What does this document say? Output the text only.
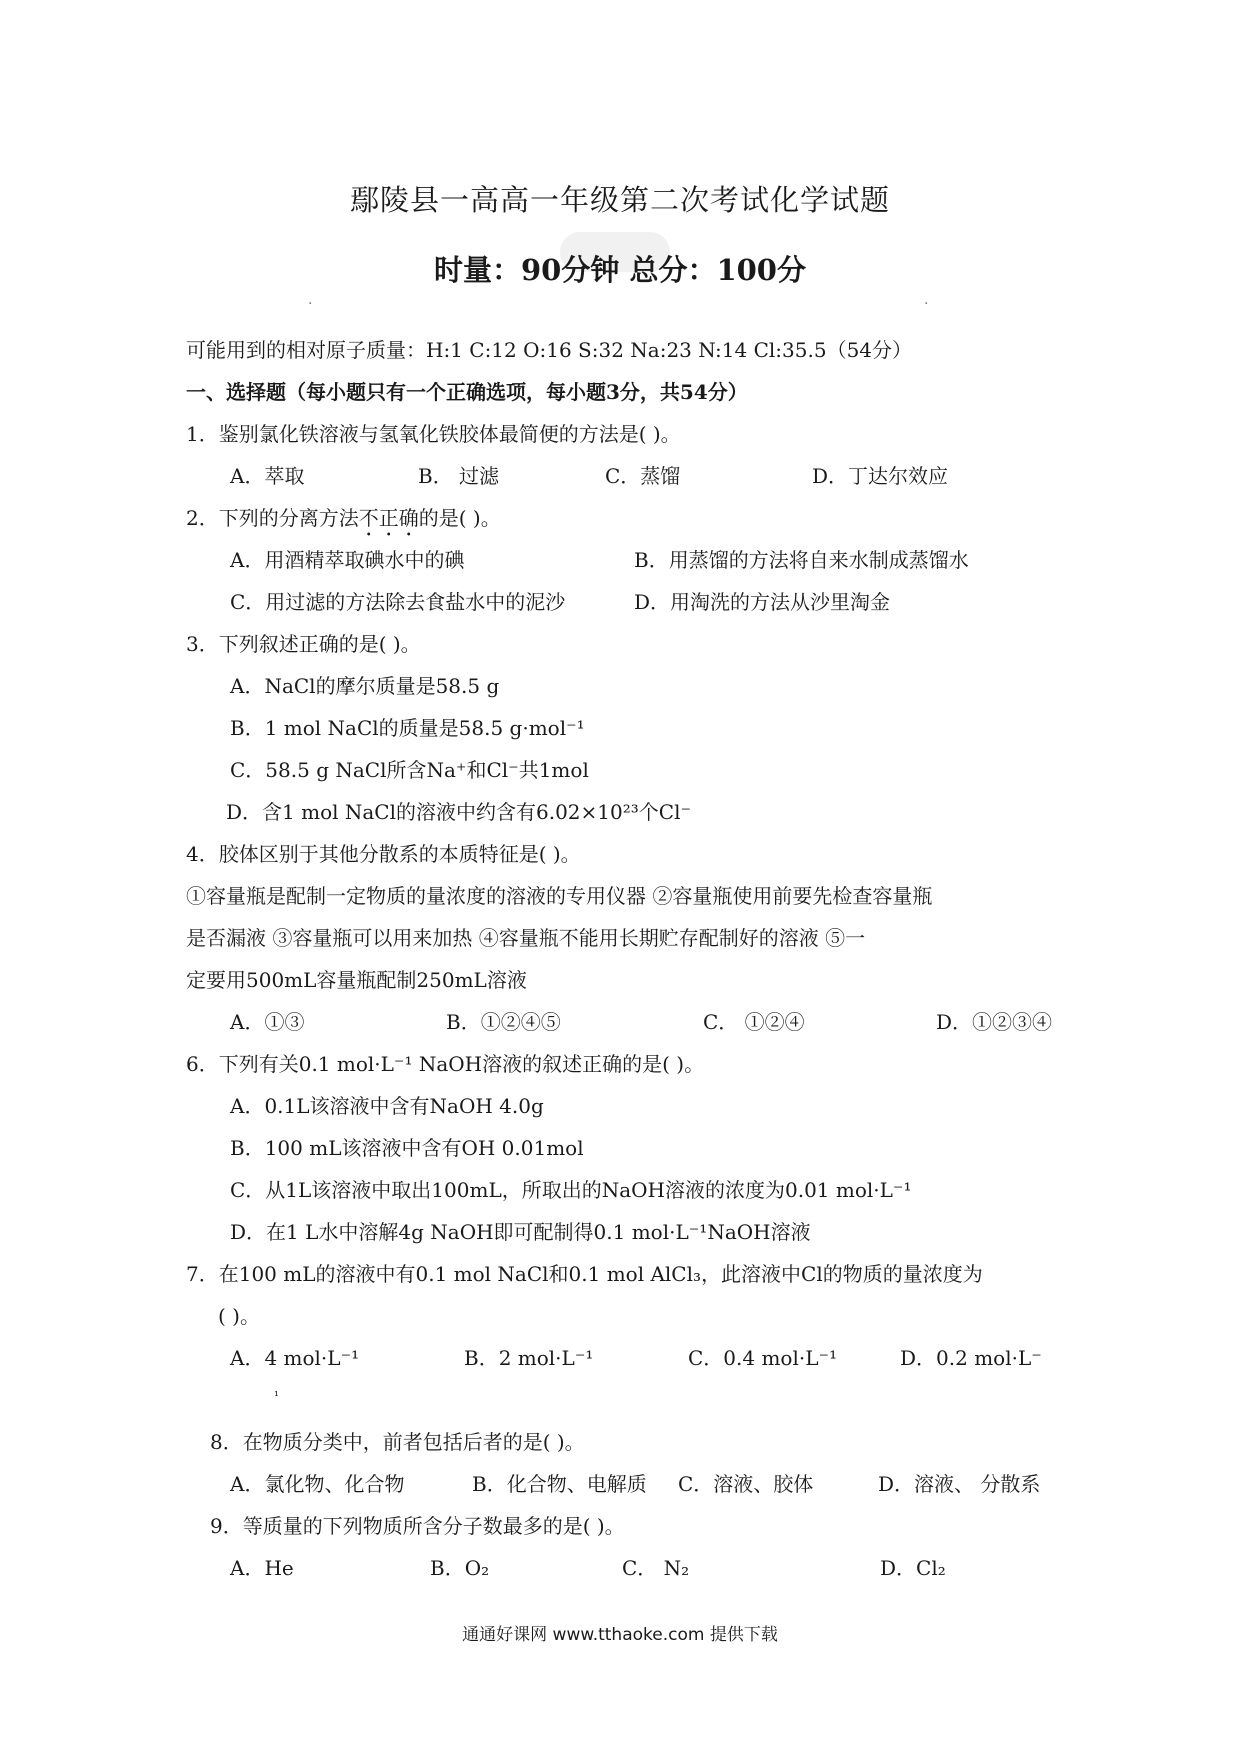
鄢陵县一高高一年级第二次考试化学试题
时量：90分钟 总分：100分
·	·
可能用到的相对原子质量：H:1 C:12 O:16 S:32 Na:23 N:14 Cl:35.5（54分）
一、选择题（每小题只有一个正确选项，每小题3分，共54分）
1．鉴别氯化铁溶液与氢氧化铁胶体最简便的方法是( )。
A．萃取	B． 过滤	C．蒸馏	D．丁达尔效应
2．下列的分离方法不正确的是( )。
A．用酒精萃取碘水中的碘	B．用蒸馏的方法将自来水制成蒸馏水
C．用过滤的方法除去食盐水中的泥沙	D．用淘洗的方法从沙里淘金
3．下列叙述正确的是( )。
A．NaCl的摩尔质量是58.5 g
B．1 mol NaCl的质量是58.5 g·mol⁻¹
C．58.5 g NaCl所含Na⁺和Cl⁻共1mol
D．含1 mol NaCl的溶液中约含有6.02×10²³个Cl⁻
4．胶体区别于其他分散系的本质特征是( )。
①容量瓶是配制一定物质的量浓度的溶液的专用仪器 ②容量瓶使用前要先检查容量瓶
是否漏液 ③容量瓶可以用来加热 ④容量瓶不能用长期贮存配制好的溶液 ⑤一
定要用500mL容量瓶配制250mL溶液
A．①③	B．①②④⑤	C． ①②④	D．①②③④
6．下列有关0.1 mol·L⁻¹ NaOH溶液的叙述正确的是( )。
A．0.1L该溶液中含有NaOH 4.0g
B．100 mL该溶液中含有OH 0.01mol
C．从1L该溶液中取出100mL，所取出的NaOH溶液的浓度为0.01 mol·L⁻¹
D．在1 L水中溶解4g NaOH即可配制得0.1 mol·L⁻¹NaOH溶液
7．在100 mL的溶液中有0.1 mol NaCl和0.1 mol AlCl₃，此溶液中Cl的物质的量浓度为
( )。
A．4 mol·L⁻¹	B．2 mol·L⁻¹	C．0.4 mol·L⁻¹	D．0.2 mol·L⁻
¹
8．在物质分类中，前者包括后者的是( )。
A．氯化物、化合物	B．化合物、电解质 C．溶液、胶体	D．溶液、 分散系
9．等质量的下列物质所含分子数最多的是( )。
A．He	B．O₂	C． N₂	D．Cl₂
通通好课网 www.tthaoke.com 提供下载
